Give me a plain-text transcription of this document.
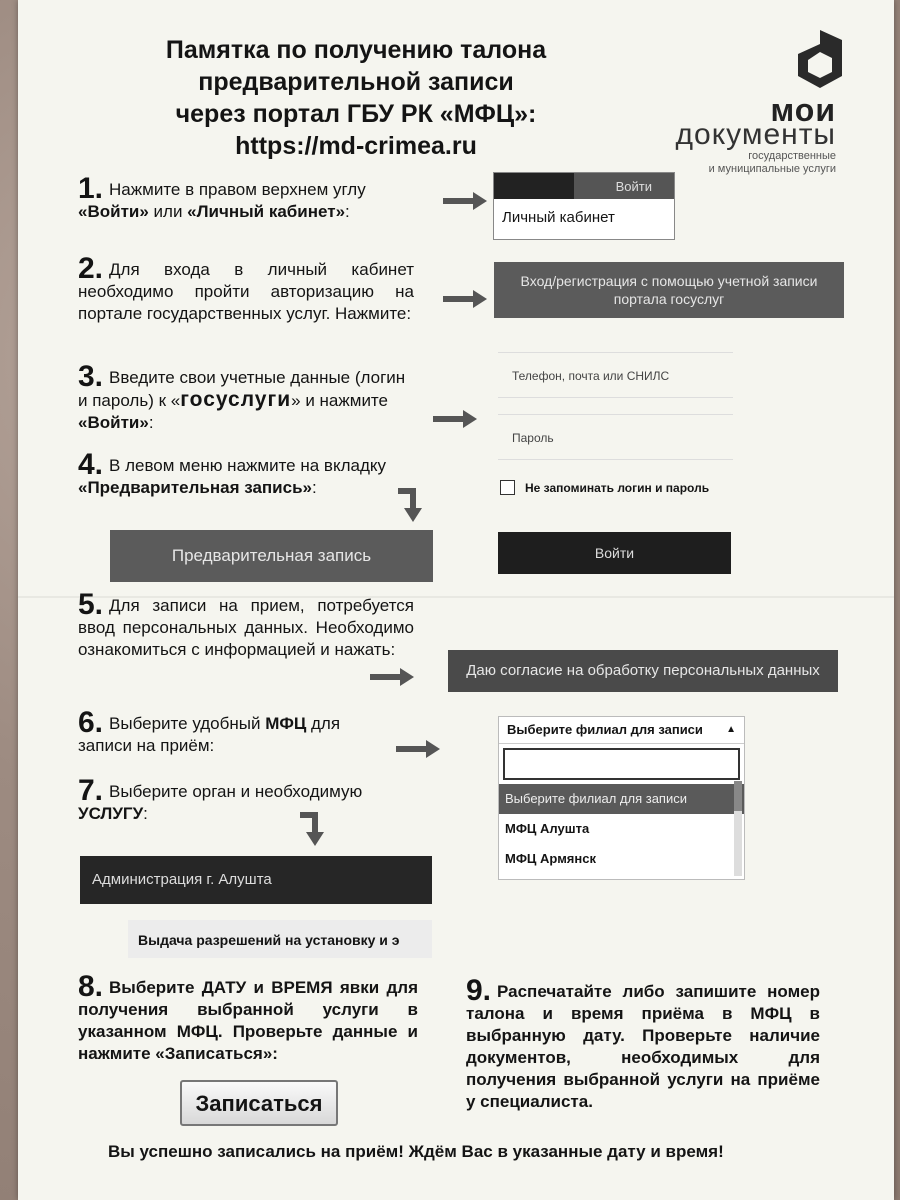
Памятка по получению талона
предварительной записи
через портал ГБУ РК «МФЦ»:
https://md-crimea.ru
мои
документы
государственные
и муниципальные услуги
1. Нажмите в правом верхнем углу
«Войти» или «Личный кабинет»:
Войти
Личный кабинет
2. Для входа в личный кабинет необходимо пройти авторизацию на портале государственных услуг. Нажмите:
Вход/регистрация с помощью учетной записи портала госуслуг
3. Введите свои учетные данные (логин и пароль) к «госуслуги» и нажмите «Войти»:
Телефон, почта или СНИЛС
Пароль
Не запоминать логин и пароль
Войти
4. В левом меню нажмите на вкладку «Предварительная запись»:
Предварительная запись
5. Для записи на прием, потребуется ввод персональных данных. Необходимо ознакомиться с информацией и нажать:
Даю согласие на обработку персональных данных
6. Выберите удобный МФЦ для записи на приём:
Выберите филиал для записи ▲
Выберите филиал для записи
МФЦ Алушта
МФЦ Армянск
7. Выберите орган и необходимую
УСЛУГУ:
Администрация г. Алушта
Выдача разрешений на установку и э
8. Выберите ДАТУ и ВРЕМЯ явки для получения выбранной услуги в указанном МФЦ. Проверьте данные и нажмите «Записаться»:
Записаться
9. Распечатайте либо запишите номер талона и время приёма в МФЦ в выбранную дату. Проверьте наличие документов, необходимых для получения выбранной услуги на приёме у специалиста.
Вы успешно записались на приём! Ждём Вас в указанные дату и время!
